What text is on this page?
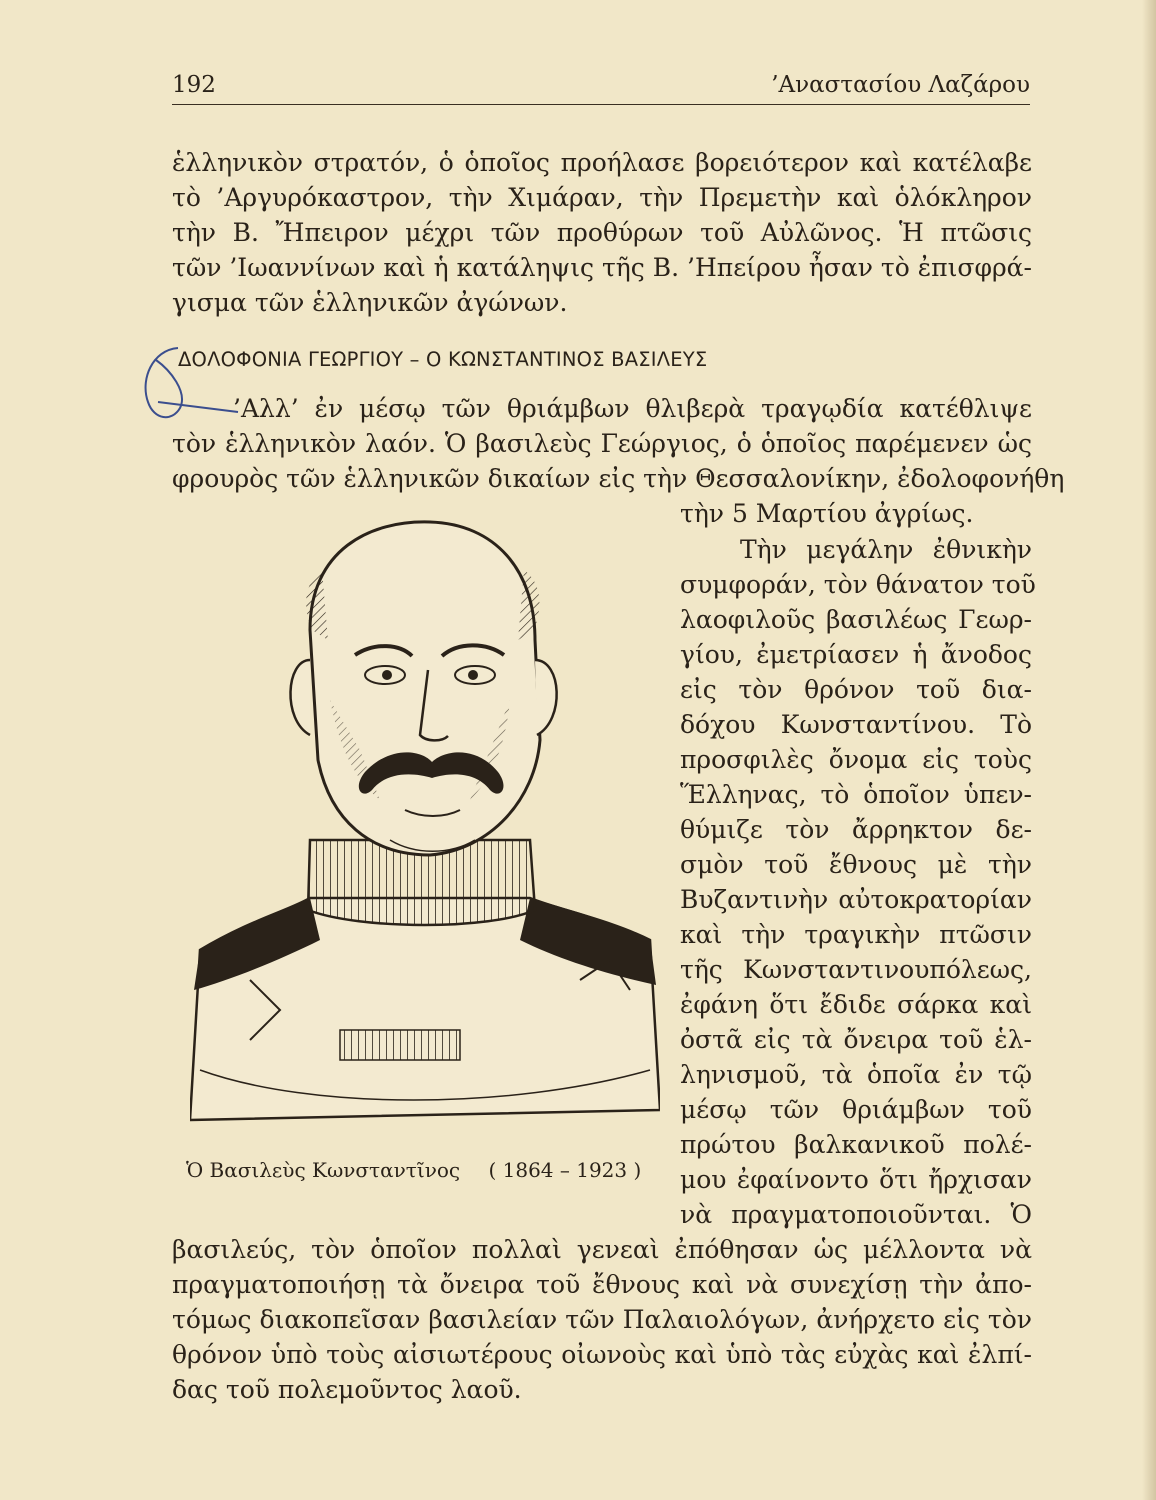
192	’Αναστασίου Λαζάρου
ἑλληνικὸν στρατόν, ὁ ὁποῖος προήλασε βορειότερον καὶ κατέλαβε
τὸ ’Αργυρόκαστρον, τὴν Χιμάραν, τὴν Πρεμετὴν καὶ ὁλόκληρον
τὴν Β. Ἤπειρον μέχρι τῶν προθύρων τοῦ Αὐλῶνος. Ἡ πτῶσις
τῶν ’Ιωαννίνων καὶ ἡ κατάληψις τῆς Β. ’Ηπείρου ἦσαν τὸ ἐπισφρά-
γισμα τῶν ἑλληνικῶν ἀγώνων.
ΔΟΛΟΦΟΝΙΑ ΓΕΩΡΓΙΟΥ – Ο ΚΩΝΣΤΑΝΤΙΝΟΣ ΒΑΣΙΛΕΥΣ
’Αλλ’ ἐν μέσῳ τῶν θριάμβων θλιβερὰ τραγῳδία κατέθλιψε
τὸν ἑλληνικὸν λαόν. Ὁ βασιλεὺς Γεώργιος, ὁ ὁποῖος παρέμενεν ὡς
φρουρὸς τῶν ἑλληνικῶν δικαίων εἰς τὴν Θεσσαλονίκην, ἐδολοφονήθη
τὴν 5 Μαρτίου ἀγρίως.
Τὴν μεγάλην ἐθνικὴν
συμφοράν, τὸν θάνατον τοῦ
λαοφιλοῦς βασιλέως Γεωρ-
γίου, ἐμετρίασεν ἡ ἄνοδος
εἰς τὸν θρόνον τοῦ δια-
δόχου Κωνσταντίνου. Τὸ
προσφιλὲς ὄνομα εἰς τοὺς
Ἕλληνας, τὸ ὁποῖον ὑπεν-
θύμιζε τὸν ἄρρηκτον δε-
σμὸν τοῦ ἔθνους μὲ τὴν
Βυζαντινὴν αὐτοκρατορίαν
καὶ τὴν τραγικὴν πτῶσιν
τῆς Κωνσταντινουπόλεως,
ἐφάνη ὅτι ἔδιδε σάρκα καὶ
ὀστᾶ εἰς τὰ ὄνειρα τοῦ ἑλ-
ληνισμοῦ, τὰ ὁποῖα ἐν τῷ
μέσῳ τῶν θριάμβων τοῦ
πρώτου βαλκανικοῦ πολέ-
μου ἐφαίνοντο ὅτι ἤρχισαν
νὰ πραγματοποιοῦνται. Ὁ
βασιλεύς, τὸν ὁποῖον πολλαὶ γενεαὶ ἐπόθησαν ὡς μέλλοντα νὰ
πραγματοποιήσῃ τὰ ὄνειρα τοῦ ἔθνους καὶ νὰ συνεχίσῃ τὴν ἀπο-
τόμως διακοπεῖσαν βασιλείαν τῶν Παλαιολόγων, ἀνήρχετο εἰς τὸν
θρόνον ὑπὸ τοὺς αἰσιωτέρους οἰωνοὺς καὶ ὑπὸ τὰς εὐχὰς καὶ ἐλπί-
δας τοῦ πολεμοῦντος λαοῦ.
Ὁ Βασιλεὺς Κωνσταντῖνος ( 1864 – 1923 )
